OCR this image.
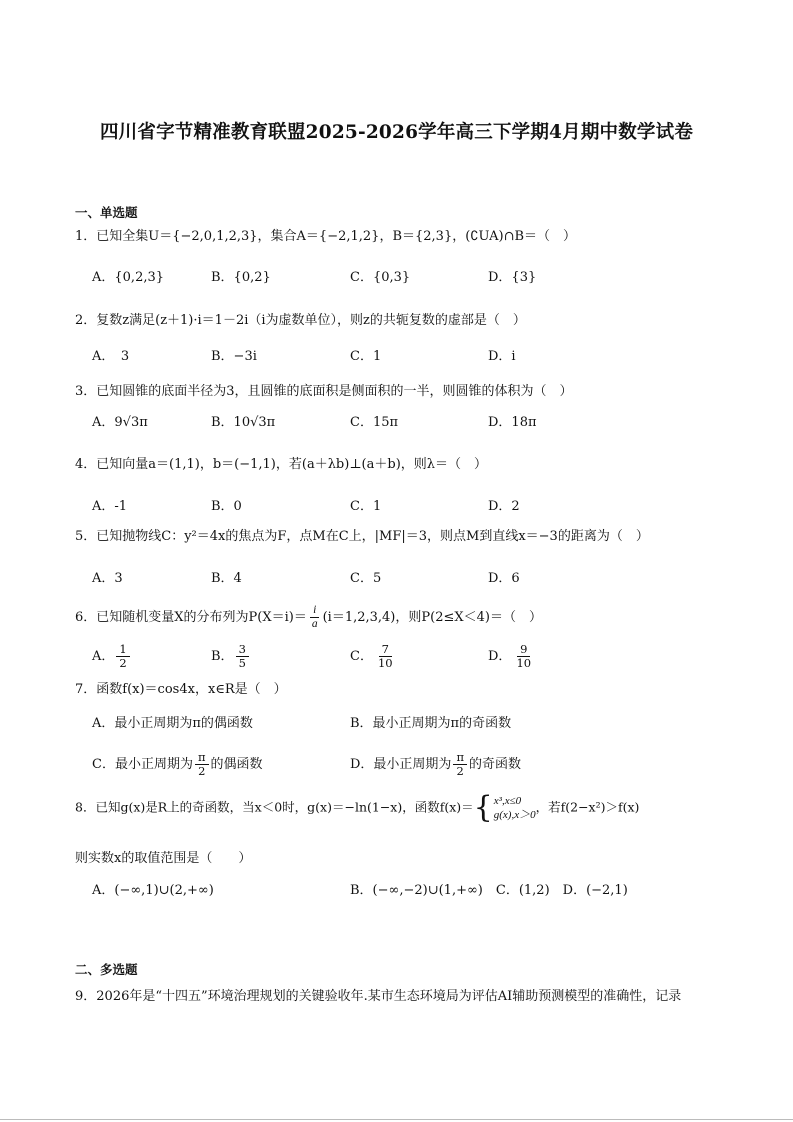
四川省字节精准教育联盟2025-2026学年高三下学期4月期中数学试卷
一、单选题
1．已知全集U＝{−2,0,1,2,3}，集合A＝{−2,1,2}，B＝{2,3}，(∁UA)∩B＝（　）
A．{0,2,3}	B．{0,2}	C．{0,3}	D．{3}
2．复数z满足(z＋1)·i＝1－2i（i为虚数单位），则z的共轭复数的虚部是（　）
A．　3	B．−3i	C．1	D．i
3．已知圆锥的底面半径为3，且圆锥的底面积是侧面积的一半，则圆锥的体积为（　）
A．9√3π	B．10√3π	C．15π	D．18π
4．已知向量a＝(1,1)，b＝(−1,1)，若(a＋λb)⊥(a＋b)，则λ＝（　）
A．-1	B．0	C．1	D．2
5．已知抛物线C：y²＝4x的焦点为F，点M在C上，|MF|＝3，则点M到直线x＝−3的距离为（　）
A．3	B．4	C．5	D．6
6．已知随机变量X的分布列为$P(X=i)= \frac{i}{a} (i=1,2,3,4)$，则P(2≤X＜4)＝（　）
A． $\frac{1}{2}$	B． $\frac{3}{5}$	C． $\frac{7}{10}$	D． $\frac{9}{10}$
7．函数f(x)＝cos4x，x∈R是（　）
A．最小正周期为π的偶函数	B．最小正周期为π的奇函数
C．最小正周期为 $\frac{\pi}{2}$ 的偶函数	D．最小正周期为 $\frac{\pi}{2}$ 的奇函数
8．已知g(x)是R上的奇函数，当x＜0时，g(x)＝−ln(1−x)，函数f(x)＝ { x³,x≤0
g(x),x＞0
，若f(2−x²)＞f(x)
则实数x的取值范围是（　　）
A．(−∞,1)∪(2,+∞)	B．(−∞,−2)∪(1,+∞)　C．(1,2)　D．(−2,1)
二、多选题
9．2026年是“十四五”环境治理规划的关键验收年.某市生态环境局为评估AI辅助预测模型的准确性，记录
